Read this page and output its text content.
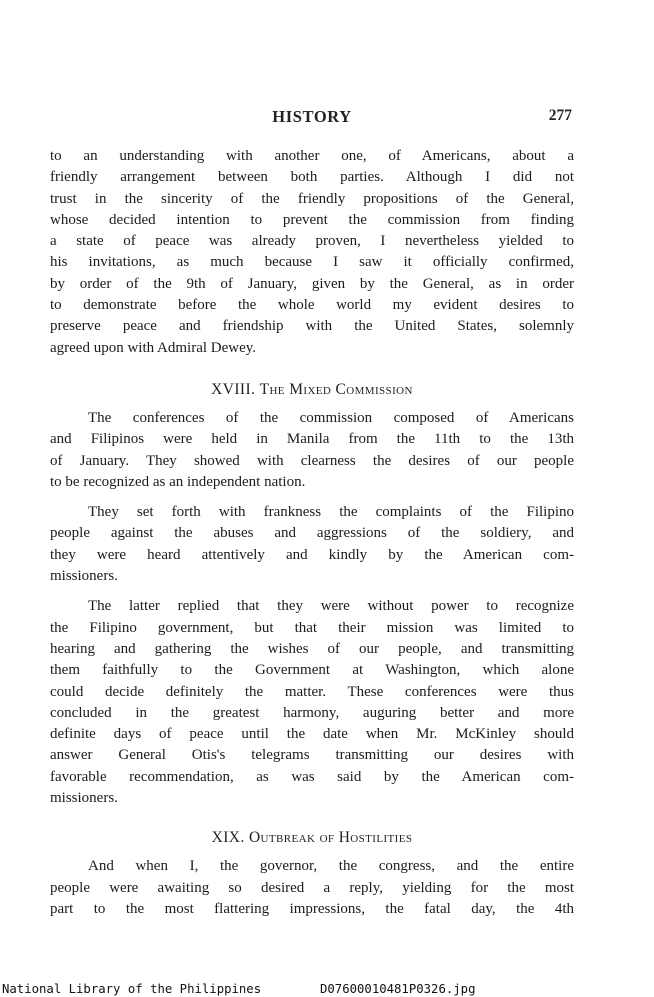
HISTORY	277

to an understanding with another one, of Americans, about a
friendly arrangement between both parties. Although I did not
trust in the sincerity of the friendly propositions of the General,
whose decided intention to prevent the commission from finding
a state of peace was already proven, I nevertheless yielded to
his invitations, as much because I saw it officially confirmed,
by order of the 9th of January, given by the General, as in order
to demonstrate before the whole world my evident desires to
preserve peace and friendship with the United States, solemnly
agreed upon with Admiral Dewey.

XVIII. The Mixed Commission

The conferences of the commission composed of Americans
and Filipinos were held in Manila from the 11th to the 13th
of January. They showed with clearness the desires of our people
to be recognized as an independent nation.

They set forth with frankness the complaints of the Filipino
people against the abuses and aggressions of the soldiery, and
they were heard attentively and kindly by the American com-
missioners.

The latter replied that they were without power to recognize
the Filipino government, but that their mission was limited to
hearing and gathering the wishes of our people, and transmitting
them faithfully to the Government at Washington, which alone
could decide definitely the matter. These conferences were thus
concluded in the greatest harmony, auguring better and more
definite days of peace until the date when Mr. McKinley should
answer General Otis's telegrams transmitting our desires with
favorable recommendation, as was said by the American com-
missioners.

XIX. Outbreak of Hostilities

And when I, the governor, the congress, and the entire
people were awaiting so desired a reply, yielding for the most
part to the most flattering impressions, the fatal day, the 4th

National Library of the Philippines	D07600010481P0326.jpg
